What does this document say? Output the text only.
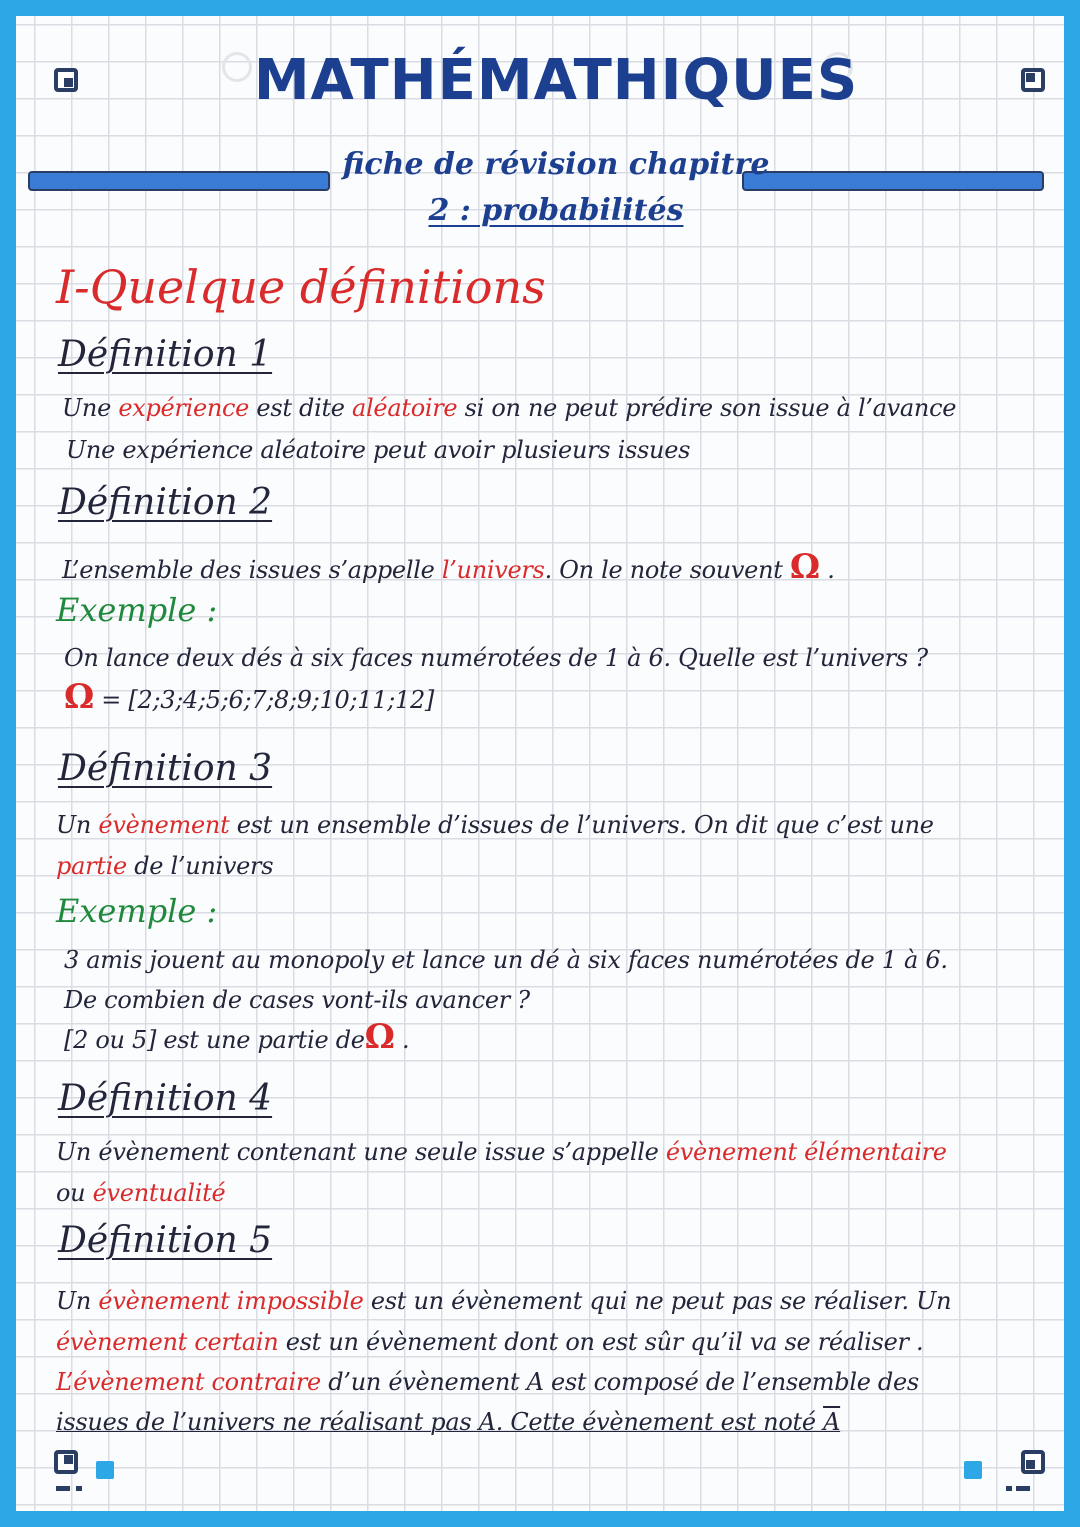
MATHÉMATHIQUES
fiche de révision chapitre
2 : probabilités
I-Quelque définitions
Définition 1

Une expérience est dite aléatoire si on ne peut prédire son issue à l’avance

Une expérience aléatoire peut avoir plusieurs issues

Définition 2

L’ensemble des issues s’appelle l’univers. On le note souvent Ω .

Exemple :

On lance deux dés à six faces numérotées de 1 à 6. Quelle est l’univers ?

Ω = [2;3;4;5;6;7;8;9;10;11;12]

Définition 3

Un évènement est un ensemble d’issues de l’univers. On dit que c’est une

partie de l’univers

Exemple :

3 amis jouent au monopoly et lance un dé à six faces numérotées de 1 à 6.

De combien de cases vont-ils avancer ?

[2 ou 5] est une partie deΩ .

Définition 4

Un évènement contenant une seule issue s’appelle évènement élémentaire

ou éventualité

Définition 5

Un évènement impossible est un évènement qui ne peut pas se réaliser. Un

évènement certain est un évènement dont on est sûr qu’il va se réaliser .

L’évènement contraire d’un évènement A est composé de l’ensemble des

issues de l’univers ne réalisant pas A. Cette évènement est noté A
